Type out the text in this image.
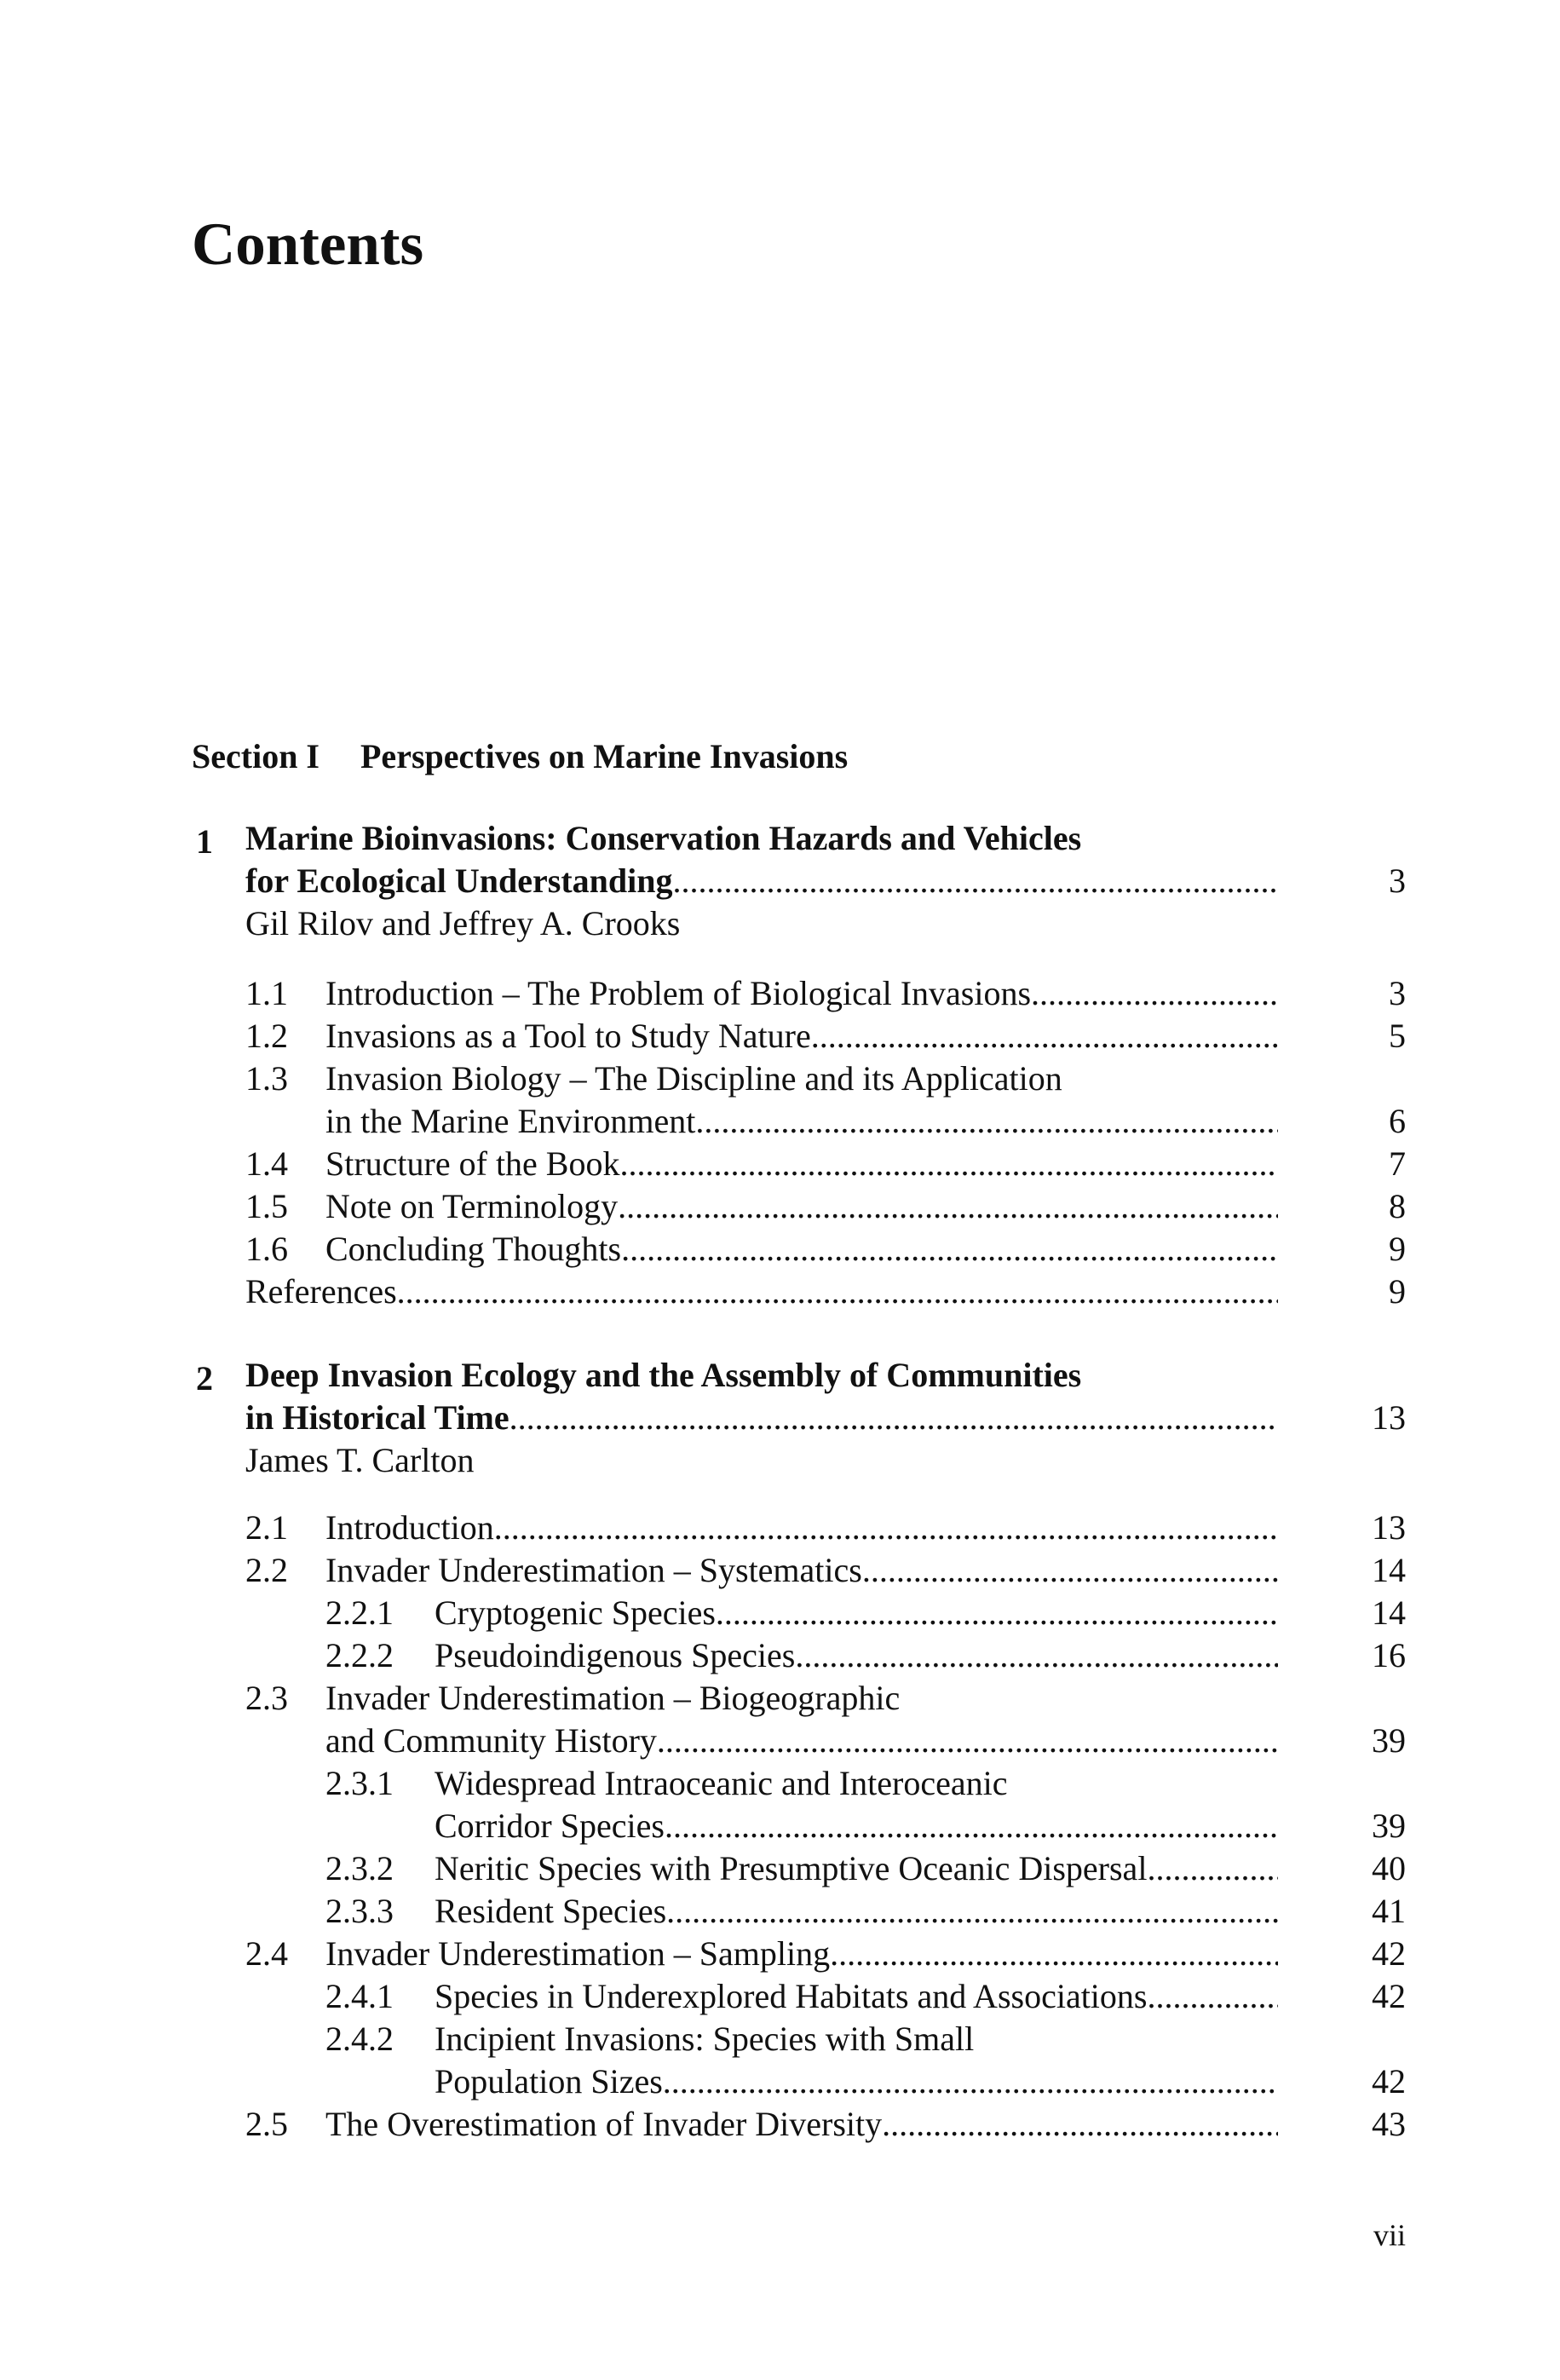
Contents
Section I Perspectives on Marine Invasions
1 Marine Bioinvasions: Conservation Hazards and Vehicles
for Ecological Understanding . . .	3
Gil Rilov and Jeffrey A. Crooks
1.1 Introduction – The Problem of Biological Invasions . . .	3
1.2 Invasions as a Tool to Study Nature . . .	5
1.3 Invasion Biology – The Discipline and its Application
in the Marine Environment . . .	6
1.4 Structure of the Book . . .	7
1.5 Note on Terminology . . .	8
1.6 Concluding Thoughts . . .	9
References . . .	9
2 Deep Invasion Ecology and the Assembly of Communities
in Historical Time . . .	13
James T. Carlton
2.1 Introduction . . .	13
2.2 Invader Underestimation – Systematics . . .	14
2.2.1 Cryptogenic Species . . .	14
2.2.2 Pseudoindigenous Species . . .	16
2.3 Invader Underestimation – Biogeographic
and Community History . . .	39
2.3.1 Widespread Intraoceanic and Interoceanic
Corridor Species . . .	39
2.3.2 Neritic Species with Presumptive Oceanic Dispersal . . .	40
2.3.3 Resident Species . . .	41
2.4 Invader Underestimation – Sampling . . .	42
2.4.1 Species in Underexplored Habitats and Associations . . .	42
2.4.2 Incipient Invasions: Species with Small
Population Sizes . . .	42
2.5 The Overestimation of Invader Diversity . . .	43
vii
